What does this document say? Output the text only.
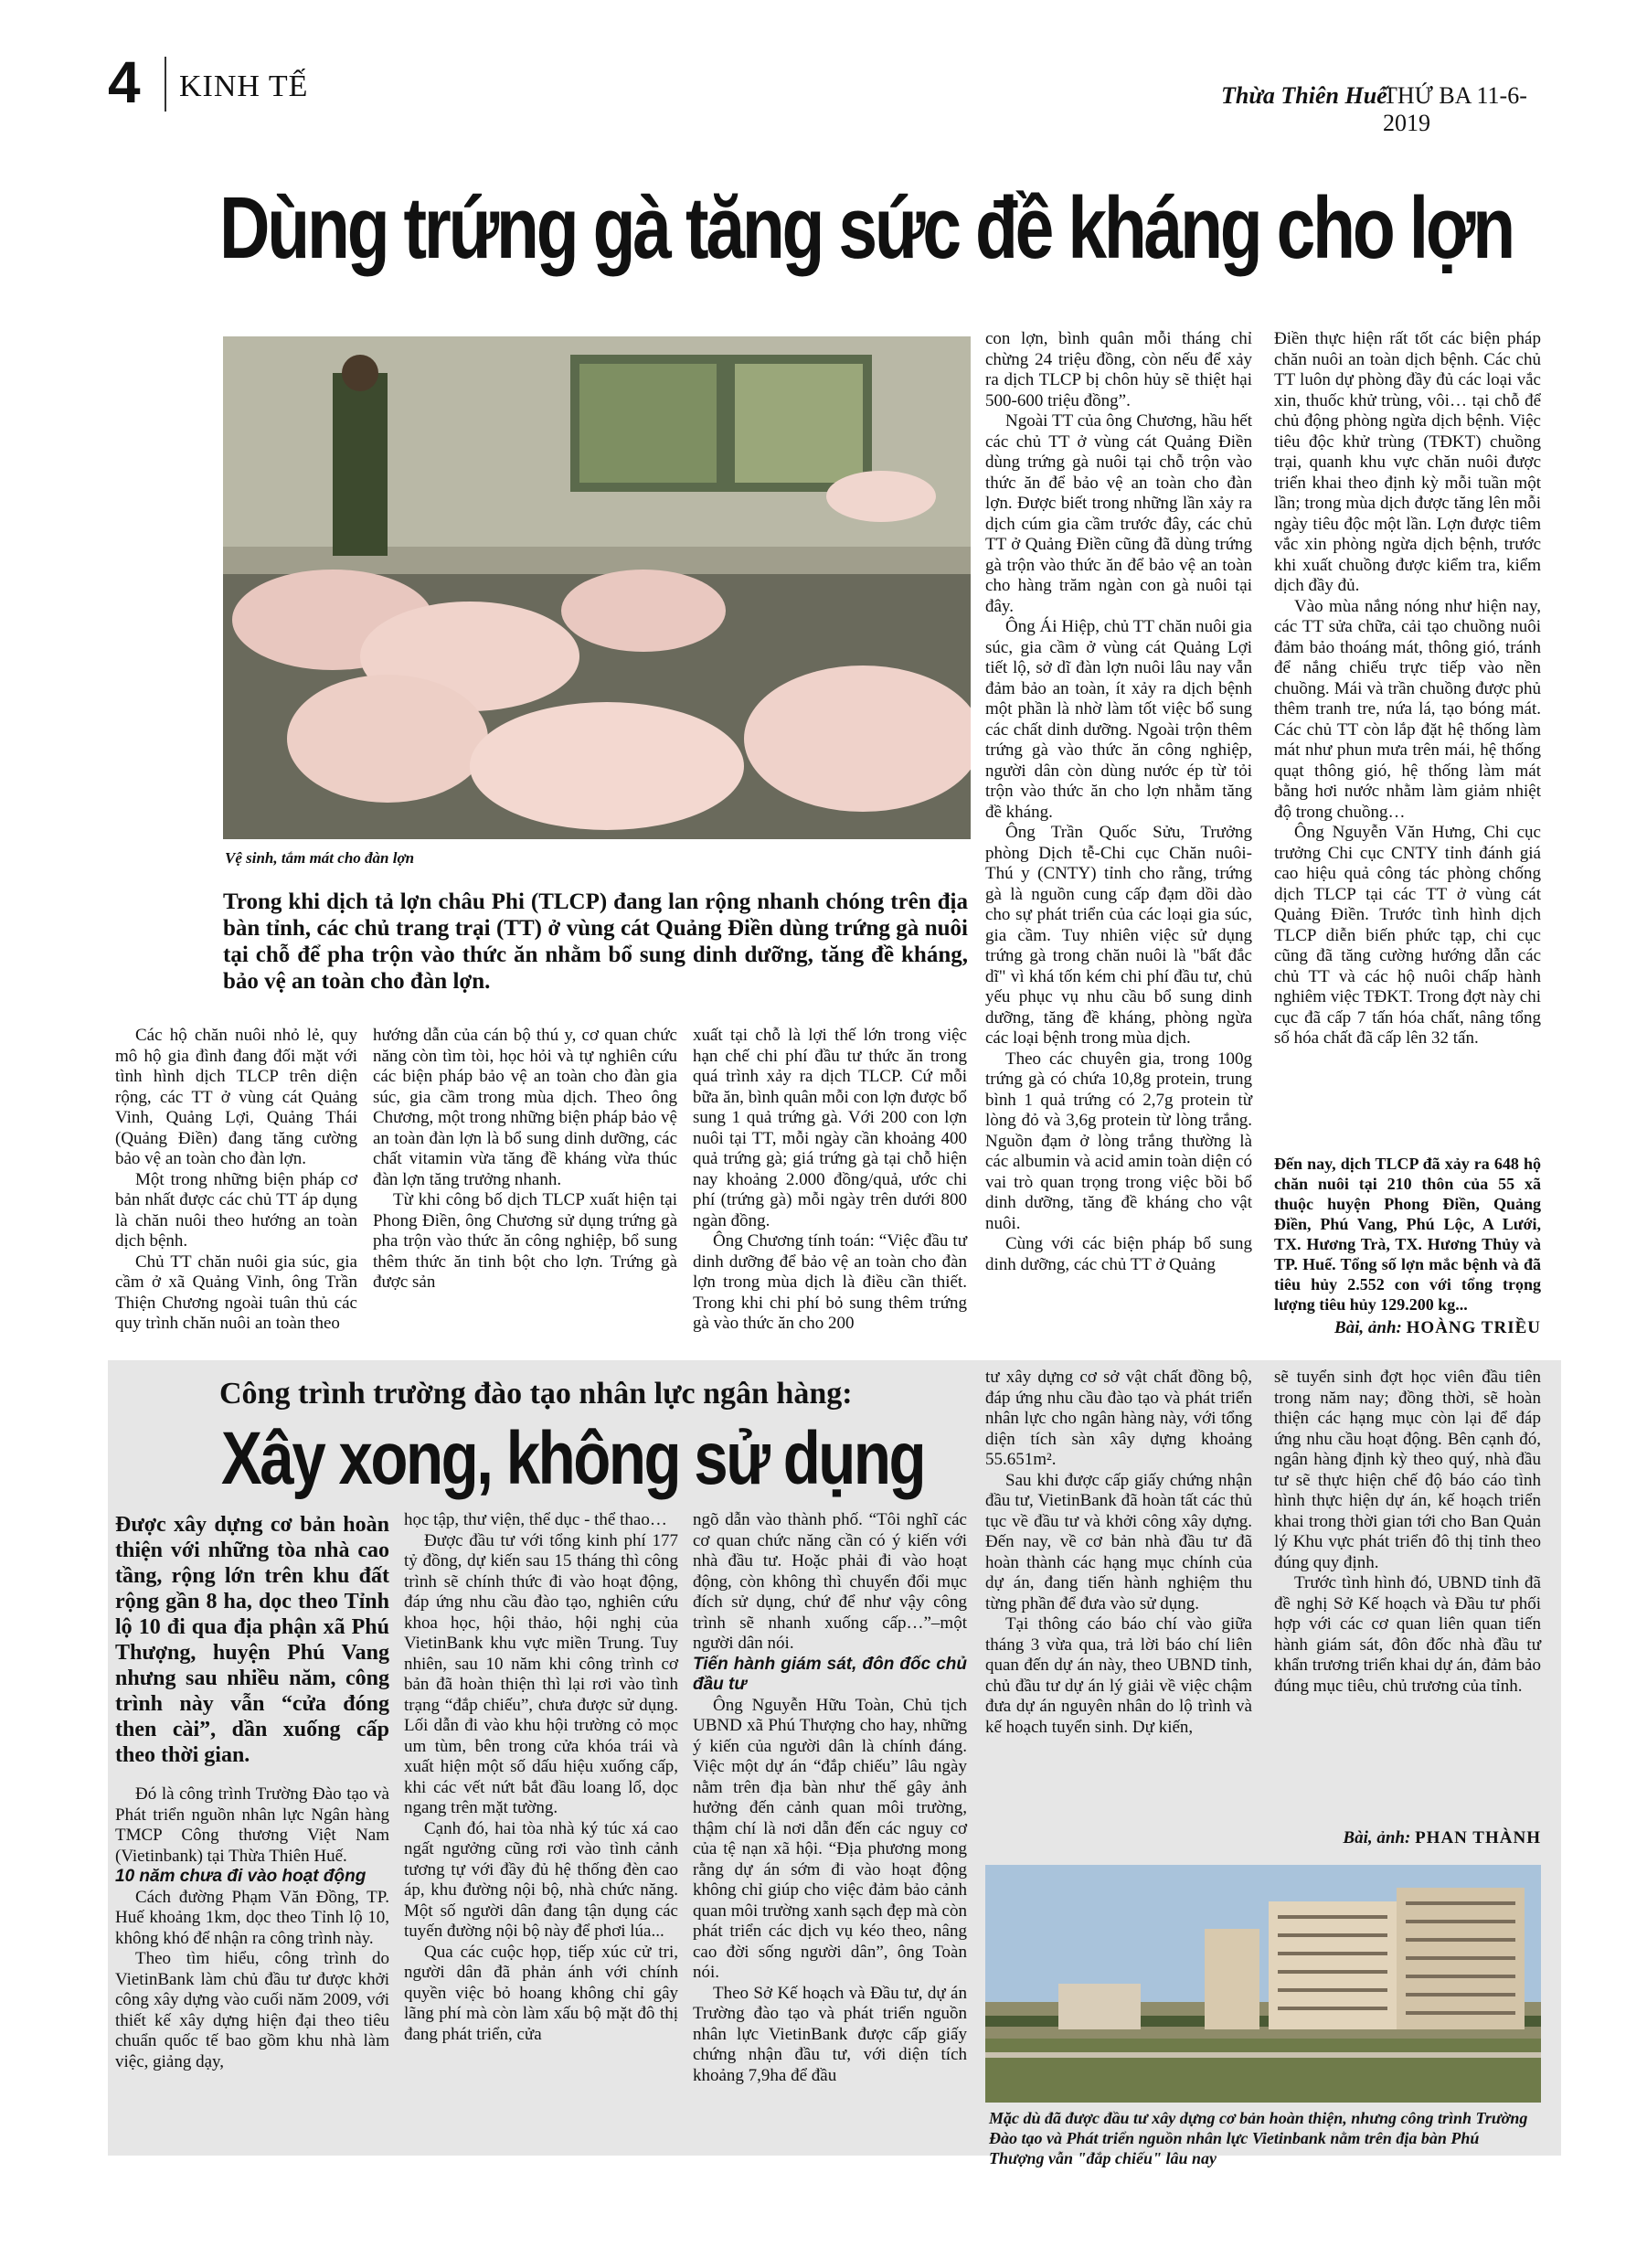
4 KINH TẾ	Thừa Thiên Huế
THỨ BA 11-6-2019
Dùng trứng gà tăng sức đề kháng cho lợn
Vệ sinh, tắm mát cho đàn lợn
Trong khi dịch tả lợn châu Phi (TLCP) đang lan rộng nhanh chóng trên địa bàn tỉnh, các chủ trang trại (TT) ở vùng cát Quảng Điền dùng trứng gà nuôi tại chỗ để pha trộn vào thức ăn nhằm bổ sung dinh dưỡng, tăng đề kháng, bảo vệ an toàn cho đàn lợn.

Các hộ chăn nuôi nhỏ lẻ, quy mô hộ gia đình đang đối mặt với tình hình dịch TLCP trên diện rộng, các TT ở vùng cát Quảng Vinh, Quảng Lợi, Quảng Thái (Quảng Điền) đang tăng cường bảo vệ an toàn cho đàn lợn.

Một trong những biện pháp cơ bản nhất được các chủ TT áp dụng là chăn nuôi theo hướng an toàn dịch bệnh.

Chủ TT chăn nuôi gia súc, gia cầm ở xã Quảng Vinh, ông Trần Thiện Chương ngoài tuân thủ các quy trình chăn nuôi an toàn theo

hướng dẫn của cán bộ thú y, cơ quan chức năng còn tìm tòi, học hỏi và tự nghiên cứu các biện pháp bảo vệ an toàn cho đàn gia súc, gia cầm trong mùa dịch. Theo ông Chương, một trong những biện pháp bảo vệ an toàn đàn lợn là bổ sung dinh dưỡng, các chất vitamin vừa tăng đề kháng vừa thúc đàn lợn tăng trưởng nhanh.

Từ khi công bố dịch TLCP xuất hiện tại Phong Điền, ông Chương sử dụng trứng gà pha trộn vào thức ăn công nghiệp, bổ sung thêm thức ăn tinh bột cho lợn. Trứng gà được sản

xuất tại chỗ là lợi thế lớn trong việc hạn chế chi phí đầu tư thức ăn trong quá trình xảy ra dịch TLCP. Cứ mỗi bữa ăn, bình quân mỗi con lợn được bổ sung 1 quả trứng gà. Với 200 con lợn nuôi tại TT, mỗi ngày cần khoảng 400 quả trứng gà; giá trứng gà tại chỗ hiện nay khoảng 2.000 đồng/quả, ước chi phí (trứng gà) mỗi ngày trên dưới 800 ngàn đồng.

Ông Chương tính toán: “Việc đầu tư dinh dưỡng để bảo vệ an toàn cho đàn lợn trong mùa dịch là điều cần thiết. Trong khi chi phí bỏ sung thêm trứng gà vào thức ăn cho 200

con lợn, bình quân mỗi tháng chỉ chừng 24 triệu đồng, còn nếu để xảy ra dịch TLCP bị chôn hủy sẽ thiệt hại 500-600 triệu đồng”.

Ngoài TT của ông Chương, hầu hết các chủ TT ở vùng cát Quảng Điền dùng trứng gà nuôi tại chỗ trộn vào thức ăn để bảo vệ an toàn cho đàn lợn. Được biết trong những lần xảy ra dịch cúm gia cầm trước đây, các chủ TT ở Quảng Điền cũng đã dùng trứng gà trộn vào thức ăn để bảo vệ an toàn cho hàng trăm ngàn con gà nuôi tại đây.

Ông Ái Hiệp, chủ TT chăn nuôi gia súc, gia cầm ở vùng cát Quảng Lợi tiết lộ, sở dĩ đàn lợn nuôi lâu nay vẫn đảm bảo an toàn, ít xảy ra dịch bệnh một phần là nhờ làm tốt việc bổ sung các chất dinh dưỡng. Ngoài trộn thêm trứng gà vào thức ăn công nghiệp, người dân còn dùng nước ép từ tỏi trộn vào thức ăn cho lợn nhằm tăng đề kháng.

Ông Trần Quốc Sửu, Trưởng phòng Dịch tễ-Chi cục Chăn nuôi-Thú y (CNTY) tỉnh cho rằng, trứng gà là nguồn cung cấp đạm dồi dào cho sự phát triển của các loại gia súc, gia cầm. Tuy nhiên việc sử dụng trứng gà trong chăn nuôi là "bất đắc dĩ" vì khá tốn kém chi phí đầu tư, chủ yếu phục vụ nhu cầu bổ sung dinh dưỡng, tăng đề kháng, phòng ngừa các loại bệnh trong mùa dịch.

Theo các chuyên gia, trong 100g trứng gà có chứa 10,8g protein, trung bình 1 quả trứng có 2,7g protein từ lòng đỏ và 3,6g protein từ lòng trắng. Nguồn đạm ở lòng trắng thường là các albumin và acid amin toàn diện có vai trò quan trọng trong việc bồi bổ dinh dưỡng, tăng đề kháng cho vật nuôi.

Cùng với các biện pháp bổ sung dinh dưỡng, các chủ TT ở Quảng

Điền thực hiện rất tốt các biện pháp chăn nuôi an toàn dịch bệnh. Các chủ TT luôn dự phòng đầy đủ các loại vắc xin, thuốc khử trùng, vôi… tại chỗ để chủ động phòng ngừa dịch bệnh. Việc tiêu độc khử trùng (TĐKT) chuồng trại, quanh khu vực chăn nuôi được triển khai theo định kỳ mỗi tuần một lần; trong mùa dịch được tăng lên mỗi ngày tiêu độc một lần. Lợn được tiêm vắc xin phòng ngừa dịch bệnh, trước khi xuất chuồng được kiểm tra, kiểm dịch đầy đủ.

Vào mùa nắng nóng như hiện nay, các TT sửa chữa, cải tạo chuồng nuôi đảm bảo thoáng mát, thông gió, tránh để nắng chiếu trực tiếp vào nền chuồng. Mái và trần chuồng được phủ thêm tranh tre, nứa lá, tạo bóng mát. Các chủ TT còn lắp đặt hệ thống làm mát như phun mưa trên mái, hệ thống quạt thông gió, hệ thống làm mát bằng hơi nước nhằm làm giảm nhiệt độ trong chuồng…

Ông Nguyễn Văn Hưng, Chi cục trưởng Chi cục CNTY tỉnh đánh giá cao hiệu quả công tác phòng chống dịch TLCP tại các TT ở vùng cát Quảng Điền. Trước tình hình dịch TLCP diễn biến phức tạp, chi cục cũng đã tăng cường hướng dẫn các chủ TT và các hộ nuôi chấp hành nghiêm việc TĐKT. Trong đợt này chi cục đã cấp 7 tấn hóa chất, nâng tổng số hóa chất đã cấp lên 32 tấn.

Đến nay, dịch TLCP đã xảy ra 648 hộ chăn nuôi tại 210 thôn của 55 xã thuộc huyện Phong Điền, Quảng Điền, Phú Vang, Phú Lộc, A Lưới, TX. Hương Trà, TX. Hương Thủy và TP. Huế. Tổng số lợn mắc bệnh và đã tiêu hủy 2.552 con với tổng trọng lượng tiêu hủy 129.200 kg...
Bài, ảnh: HOÀNG TRIỀU
Công trình trường đào tạo nhân lực ngân hàng:
Xây xong, không sử dụng
Được xây dựng cơ bản hoàn thiện với những tòa nhà cao tầng, rộng lớn trên khu đất rộng gần 8 ha, dọc theo Tỉnh lộ 10 đi qua địa phận xã Phú Thượng, huyện Phú Vang nhưng sau nhiều năm, công trình này vẫn “cửa đóng then cài”, dần xuống cấp theo thời gian.

Đó là công trình Trường Đào tạo và Phát triển nguồn nhân lực Ngân hàng TMCP Công thương Việt Nam (Vietinbank) tại Thừa Thiên Huế.

10 năm chưa đi vào hoạt động

Cách đường Phạm Văn Đồng, TP. Huế khoảng 1km, dọc theo Tỉnh lộ 10, không khó để nhận ra công trình này.

Theo tìm hiểu, công trình do VietinBank làm chủ đầu tư được khởi công xây dựng vào cuối năm 2009, với thiết kế xây dựng hiện đại theo tiêu chuẩn quốc tế bao gồm khu nhà làm việc, giảng dạy,

học tập, thư viện, thể dục - thể thao…

Được đầu tư với tổng kinh phí 177 tỷ đồng, dự kiến sau 15 tháng thì công trình sẽ chính thức đi vào hoạt động, đáp ứng nhu cầu đào tạo, nghiên cứu khoa học, hội thảo, hội nghị của VietinBank khu vực miền Trung. Tuy nhiên, sau 10 năm khi công trình cơ bản đã hoàn thiện thì lại rơi vào tình trạng “đắp chiếu”, chưa được sử dụng. Lối dẫn đi vào khu hội trường cỏ mọc um tùm, bên trong cửa khóa trái và xuất hiện một số dấu hiệu xuống cấp, khi các vết nứt bắt đầu loang lổ, dọc ngang trên mặt tường.

Cạnh đó, hai tòa nhà ký túc xá cao ngất ngưởng cũng rơi vào tình cảnh tương tự với đầy đủ hệ thống đèn cao áp, khu đường nội bộ, nhà chức năng. Một số người dân đang tận dụng các tuyến đường nội bộ này để phơi lúa...

Qua các cuộc họp, tiếp xúc cử tri, người dân đã phản ánh với chính quyền việc bỏ hoang không chỉ gây lãng phí mà còn làm xấu bộ mặt đô thị đang phát triển, cửa

ngõ dẫn vào thành phố. “Tôi nghĩ các cơ quan chức năng cần có ý kiến với nhà đầu tư. Hoặc phải đi vào hoạt động, còn không thì chuyển đổi mục đích sử dụng, chứ để như vậy công trình sẽ nhanh xuống cấp…”–một người dân nói.

Tiến hành giám sát, đôn đốc chủ đầu tư

Ông Nguyễn Hữu Toàn, Chủ tịch UBND xã Phú Thượng cho hay, những ý kiến của người dân là chính đáng. Việc một dự án “đắp chiếu” lâu ngày nằm trên địa bàn như thế gây ảnh hưởng đến cảnh quan môi trường, thậm chí là nơi dẫn đến các nguy cơ của tệ nạn xã hội. “Địa phương mong rằng dự án sớm đi vào hoạt động không chỉ giúp cho việc đảm bảo cảnh quan môi trường xanh sạch đẹp mà còn phát triển các dịch vụ kéo theo, nâng cao đời sống người dân”, ông Toàn nói.

Theo Sở Kế hoạch và Đầu tư, dự án Trường đào tạo và phát triển nguồn nhân lực VietinBank được cấp giấy chứng nhận đầu tư, với diện tích khoảng 7,9ha để đầu

tư xây dựng cơ sở vật chất đồng bộ, đáp ứng nhu cầu đào tạo và phát triển nhân lực cho ngân hàng này, với tổng diện tích sàn xây dựng khoảng 55.651m².

Sau khi được cấp giấy chứng nhận đầu tư, VietinBank đã hoàn tất các thủ tục về đầu tư và khởi công xây dựng. Đến nay, về cơ bản nhà đầu tư đã hoàn thành các hạng mục chính của dự án, đang tiến hành nghiệm thu từng phần để đưa vào sử dụng.

Tại thông cáo báo chí vào giữa tháng 3 vừa qua, trả lời báo chí liên quan đến dự án này, theo UBND tỉnh, chủ đầu tư dự án lý giải về việc chậm đưa dự án nguyên nhân do lộ trình và kế hoạch tuyển sinh. Dự kiến,

sẽ tuyển sinh đợt học viên đầu tiên trong năm nay; đồng thời, sẽ hoàn thiện các hạng mục còn lại để đáp ứng nhu cầu hoạt động. Bên cạnh đó, ngân hàng định kỳ theo quý, nhà đầu tư sẽ thực hiện chế độ báo cáo tình hình thực hiện dự án, kế hoạch triển khai trong thời gian tới cho Ban Quản lý Khu vực phát triển đô thị tỉnh theo đúng quy định.

Trước tình hình đó, UBND tỉnh đã đề nghị Sở Kế hoạch và Đầu tư phối hợp với các cơ quan liên quan tiến hành giám sát, đôn đốc nhà đầu tư khẩn trương triển khai dự án, đảm bảo đúng mục tiêu, chủ trương của tỉnh.

Bài, ảnh: PHAN THÀNH
Mặc dù đã được đầu tư xây dựng cơ bản hoàn thiện, nhưng công trình Trường Đào tạo và Phát triển nguồn nhân lực Vietinbank nằm trên địa bàn Phú Thượng vẫn "đắp chiếu" lâu nay
